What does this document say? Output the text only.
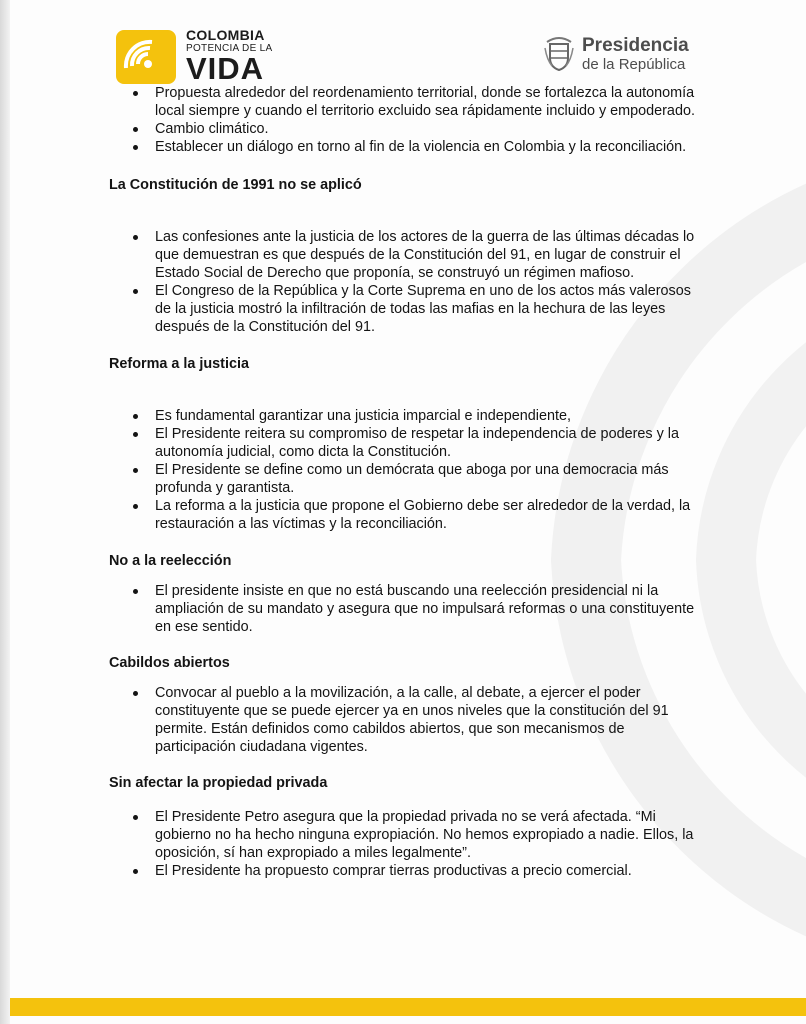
COLOMBIA
POTENCIA DE LA
VIDA
Presidencia
de la República
Propuesta alrededor del reordenamiento territorial, donde se fortalezca la autonomía local siempre y cuando el territorio excluido sea rápidamente incluido y empoderado.
Cambio climático.
Establecer un diálogo en torno al fin de la violencia en Colombia y la reconciliación.
La Constitución de 1991 no se aplicó
Las confesiones ante la justicia de los actores de la guerra de las últimas décadas lo que demuestran es que después de la Constitución del 91, en lugar de construir el Estado Social de Derecho que proponía, se construyó un régimen mafioso.
El Congreso de la República y la Corte Suprema en uno de los actos más valerosos de la justicia mostró la infiltración de todas las mafias en la hechura de las leyes después de la Constitución del 91.
Reforma a la justicia
Es fundamental garantizar una justicia imparcial e independiente,
El Presidente reitera su compromiso de respetar la independencia de poderes y la autonomía judicial, como dicta la Constitución.
El Presidente se define como un demócrata que aboga por una democracia más profunda y garantista.
La reforma a la justicia que propone el Gobierno debe ser alrededor de la verdad, la restauración a las víctimas y la reconciliación.
No a la reelección
El presidente insiste en que no está buscando una reelección presidencial ni la ampliación de su mandato y asegura que no impulsará reformas o una constituyente en ese sentido.
Cabildos abiertos
Convocar al pueblo a la movilización, a la calle, al debate, a ejercer el poder constituyente que se puede ejercer ya en unos niveles que la constitución del 91 permite. Están definidos como cabildos abiertos, que son mecanismos de participación ciudadana vigentes.
Sin afectar la propiedad privada
El Presidente Petro asegura que la propiedad privada no se verá afectada. “Mi gobierno no ha hecho ninguna expropiación. No hemos expropiado a nadie. Ellos, la oposición, sí han expropiado a miles legalmente”.
El Presidente ha propuesto comprar tierras productivas a precio comercial.
